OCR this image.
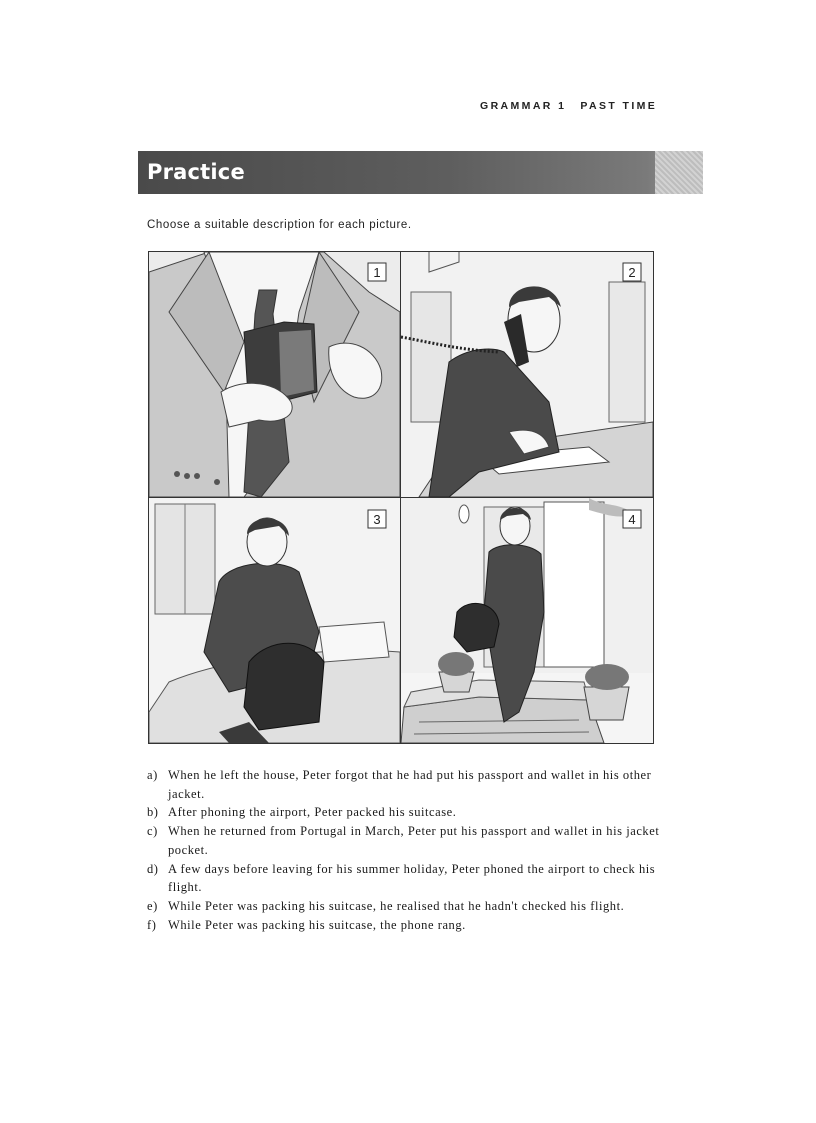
GRAMMAR 1 PAST TIME
Practice
Choose a suitable description for each picture.
1	2
3	4
a) When he left the house, Peter forgot that he had put his passport and wallet in his other jacket.
b) After phoning the airport, Peter packed his suitcase.
c) When he returned from Portugal in March, Peter put his passport and wallet in his jacket pocket.
d) A few days before leaving for his summer holiday, Peter phoned the airport to check his flight.
e) While Peter was packing his suitcase, he realised that he hadn't checked his flight.
f) While Peter was packing his suitcase, the phone rang.
